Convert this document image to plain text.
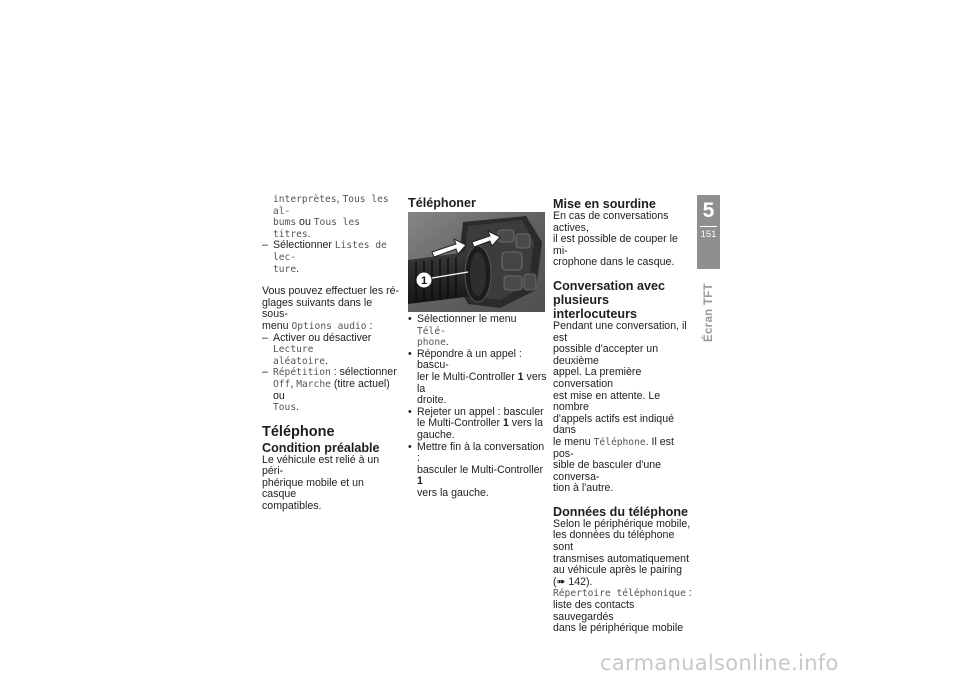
interprètes, Tous les al-
bums ou Tous les titres.
– Sélectionner Listes de lec-
ture.
Vous pouvez effectuer les ré-
glages suivants dans le sous-
menu Options audio :
– Activer ou désactiver Lecture
aléatoire.
– Répétition : sélectionner
Off, Marche (titre actuel) ou
Tous.
Téléphone
Condition préalable
Le véhicule est relié à un péri-
phérique mobile et un casque
compatibles.
Téléphoner
1
• Sélectionner le menu Télé-
phone.
• Répondre à un appel : bascu-
ler le Multi-Controller 1 vers la
droite.
• Rejeter un appel : basculer
le Multi-Controller 1 vers la
gauche.
• Mettre fin à la conversation :
basculer le Multi-Controller 1
vers la gauche.
Mise en sourdine
En cas de conversations actives,
il est possible de couper le mi-
crophone dans le casque.
Conversation avec
plusieurs interlocuteurs
Pendant une conversation, il est
possible d'accepter un deuxième
appel. La première conversation
est mise en attente. Le nombre
d'appels actifs est indiqué dans
le menu Téléphone. Il est pos-
sible de basculer d'une conversa-
tion à l'autre.
Données du téléphone
Selon le périphérique mobile,
les données du téléphone sont
transmises automatiquement
au véhicule après le pairing
(➠ 142).
Répertoire téléphonique :
liste des contacts sauvegardés
dans le périphérique mobile
5
151
Écran TFT
carmanualsonline.info
